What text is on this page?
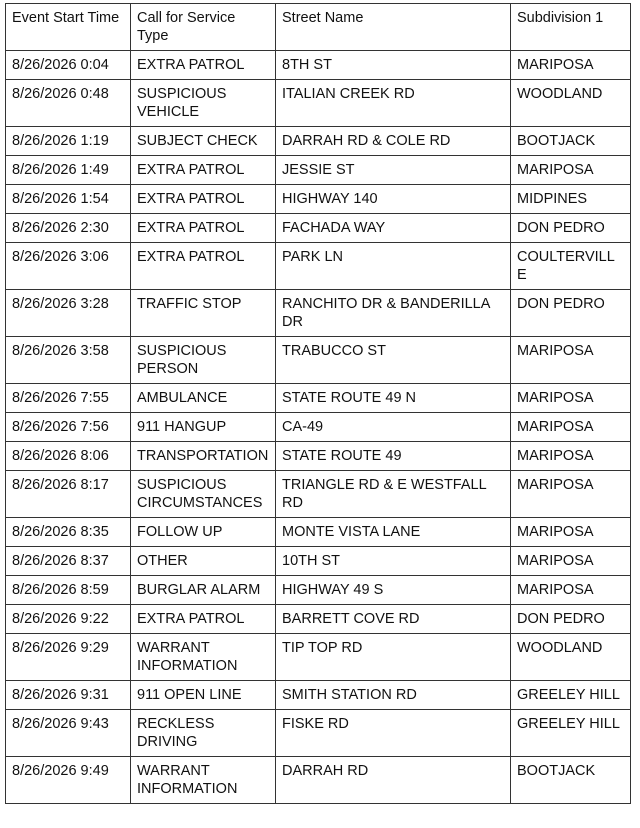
Event Start Time	Call for Service Type	Street Name	Subdivision 1
8/26/2026 0:04	EXTRA PATROL	8TH ST	MARIPOSA
8/26/2026 0:48	SUSPICIOUS VEHICLE	ITALIAN CREEK RD	WOODLAND
8/26/2026 1:19	SUBJECT CHECK	DARRAH RD & COLE RD	BOOTJACK
8/26/2026 1:49	EXTRA PATROL	JESSIE ST	MARIPOSA
8/26/2026 1:54	EXTRA PATROL	HIGHWAY 140	MIDPINES
8/26/2026 2:30	EXTRA PATROL	FACHADA WAY	DON PEDRO
8/26/2026 3:06	EXTRA PATROL	PARK LN	COULTERVILLE
8/26/2026 3:28	TRAFFIC STOP	RANCHITO DR & BANDERILLA DR	DON PEDRO
8/26/2026 3:58	SUSPICIOUS PERSON	TRABUCCO ST	MARIPOSA
8/26/2026 7:55	AMBULANCE	STATE ROUTE 49 N	MARIPOSA
8/26/2026 7:56	911 HANGUP	CA-49	MARIPOSA
8/26/2026 8:06	TRANSPORTATION	STATE ROUTE 49	MARIPOSA
8/26/2026 8:17	SUSPICIOUS CIRCUMSTANCES	TRIANGLE RD & E WESTFALL RD	MARIPOSA
8/26/2026 8:35	FOLLOW UP	MONTE VISTA LANE	MARIPOSA
8/26/2026 8:37	OTHER	10TH ST	MARIPOSA
8/26/2026 8:59	BURGLAR ALARM	HIGHWAY 49 S	MARIPOSA
8/26/2026 9:22	EXTRA PATROL	BARRETT COVE RD	DON PEDRO
8/26/2026 9:29	WARRANT INFORMATION	TIP TOP RD	WOODLAND
8/26/2026 9:31	911 OPEN LINE	SMITH STATION RD	GREELEY HILL
8/26/2026 9:43	RECKLESS DRIVING	FISKE RD	GREELEY HILL
8/26/2026 9:49	WARRANT INFORMATION	DARRAH RD	BOOTJACK
